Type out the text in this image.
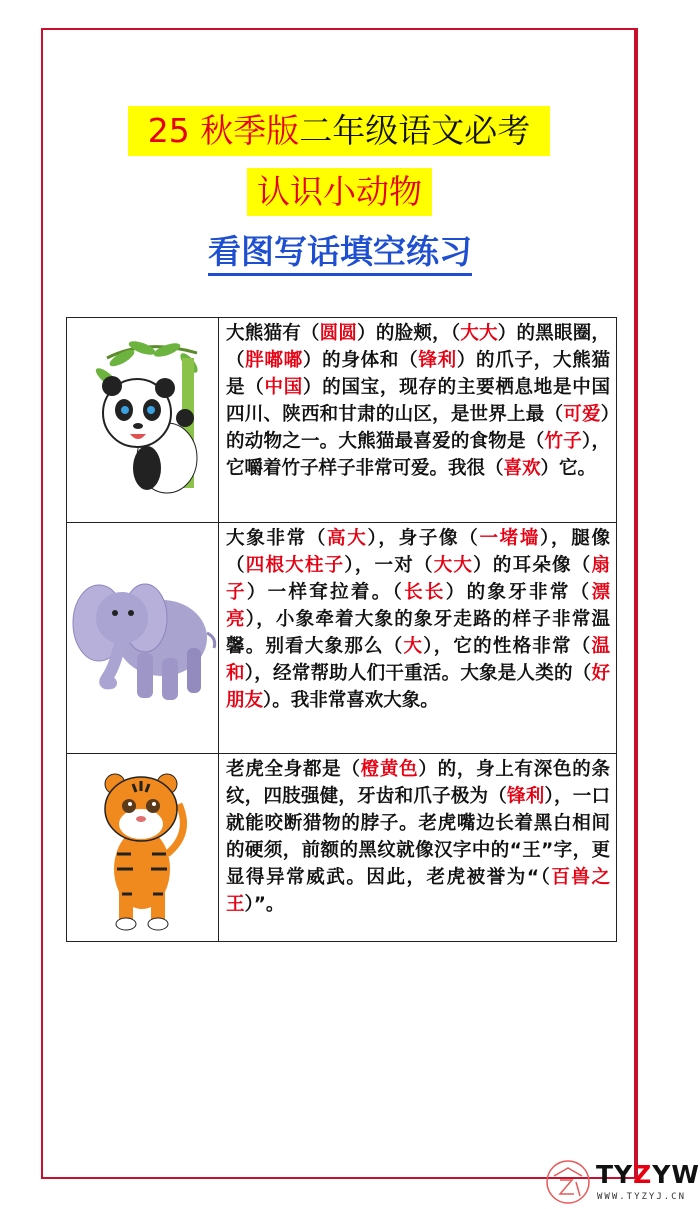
25 秋季版二年级语文必考
认识小动物
看图写话填空练习
	大熊猫有（圆圆）的脸颊，（大大）的黑眼圈，（胖嘟嘟）的身体和（锋利）的爪子，大熊猫是（中国）的国宝，现存的主要栖息地是中国四川、陕西和甘肃的山区，是世界上最（可爱）的动物之一。大熊猫最喜爱的食物是（竹子），它嚼着竹子样子非常可爱。我很（喜欢）它。
	大象非常（高大），身子像（一堵墙），腿像（四根大柱子），一对（大大）的耳朵像（扇子）一样耷拉着。（长长）的象牙非常（漂亮），小象牵着大象的象牙走路的样子非常温馨。别看大象那么（大），它的性格非常（温和），经常帮助人们干重活。大象是人类的（好朋友）。我非常喜欢大象。
	老虎全身都是（橙黄色）的，身上有深色的条纹，四肢强健，牙齿和爪子极为（锋利），一口就能咬断猎物的脖子。老虎嘴边长着黑白相间的硬须，前额的黑纹就像汉字中的“王”字，更显得异常威武。因此，老虎被誉为“（百兽之王）”。
TYZYW
WWW.TYZYJ.CN
